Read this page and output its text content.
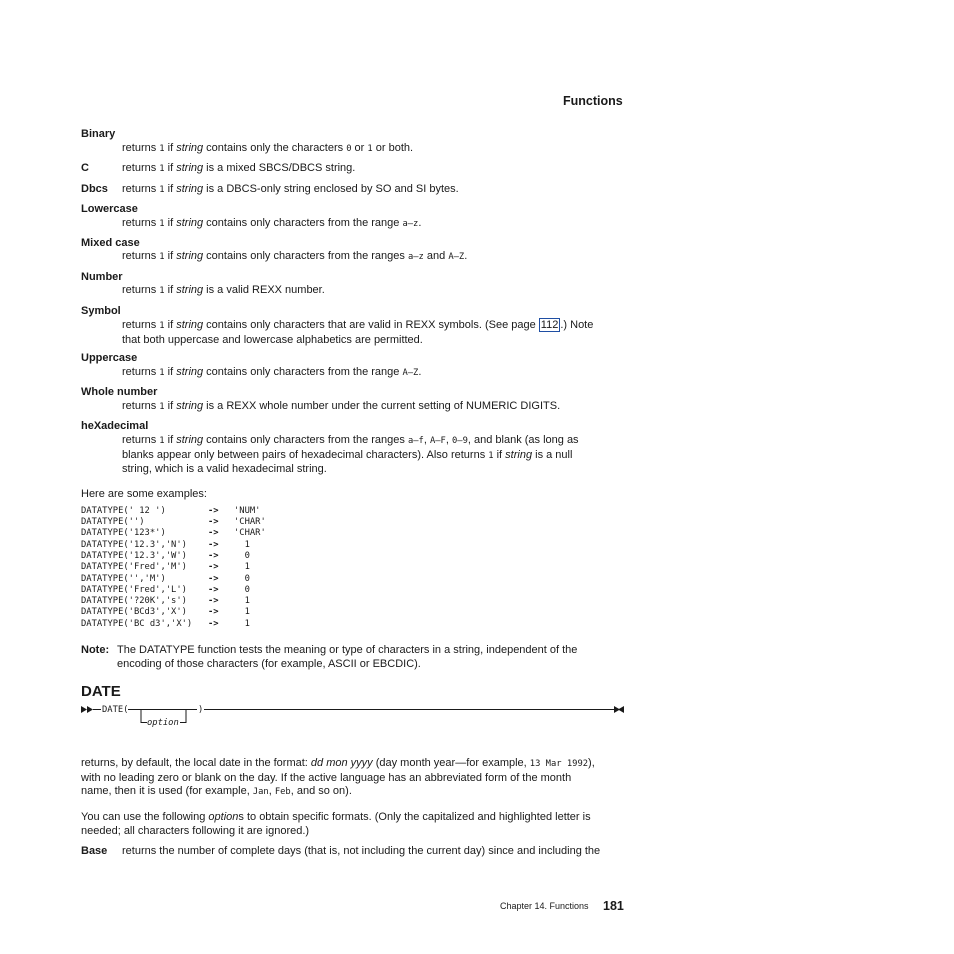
Functions
Binary
returns 1 if string contains only the characters 0 or 1 or both.
C	returns 1 if string is a mixed SBCS/DBCS string.
Dbcs returns 1 if string is a DBCS-only string enclosed by SO and SI bytes.
Lowercase
returns 1 if string contains only characters from the range a–z.
Mixed case
returns 1 if string contains only characters from the ranges a–z and A–Z.
Number
returns 1 if string is a valid REXX number.
Symbol
returns 1 if string contains only characters that are valid in REXX symbols. (See page 112 .) Note
that both uppercase and lowercase alphabetics are permitted.
Uppercase
returns 1 if string contains only characters from the range A–Z.
Whole number
returns 1 if string is a REXX whole number under the current setting of NUMERIC DIGITS.
heXadecimal
returns 1 if string contains only characters from the ranges a–f, A–F, 0–9, and blank (as long as
blanks appear only between pairs of hexadecimal characters). Also returns 1 if string is a null
string, which is a valid hexadecimal string.
Here are some examples:
DATATYPE(' 12 ')	-> 'NUM'
DATATYPE('')	-> 'CHAR'
DATATYPE('123*')	-> 'CHAR'
DATATYPE('12.3','N') -> 1
DATATYPE('12.3','W') -> 0
DATATYPE('Fred','M') -> 1
DATATYPE('','M')	-> 0
DATATYPE('Fred','L') -> 0
DATATYPE('?20K','s') -> 1
DATATYPE('BCd3','X') -> 1
DATATYPE('BC d3','X') -> 1
Note: The DATATYPE function tests the meaning or type of characters in a string, independent of the
encoding of those characters (for example, ASCII or EBCDIC).
DATE
DATE(
option
)
returns, by default, the local date in the format: dd mon yyyy (day month year—for example, 13 Mar 1992),
with no leading zero or blank on the day. If the active language has an abbreviated form of the month
name, then it is used (for example, Jan, Feb, and so on).
You can use the following options to obtain specific formats. (Only the capitalized and highlighted letter is
needed; all characters following it are ignored.)
Base returns the number of complete days (that is, not including the current day) since and including the
Chapter 14. Functions 181
